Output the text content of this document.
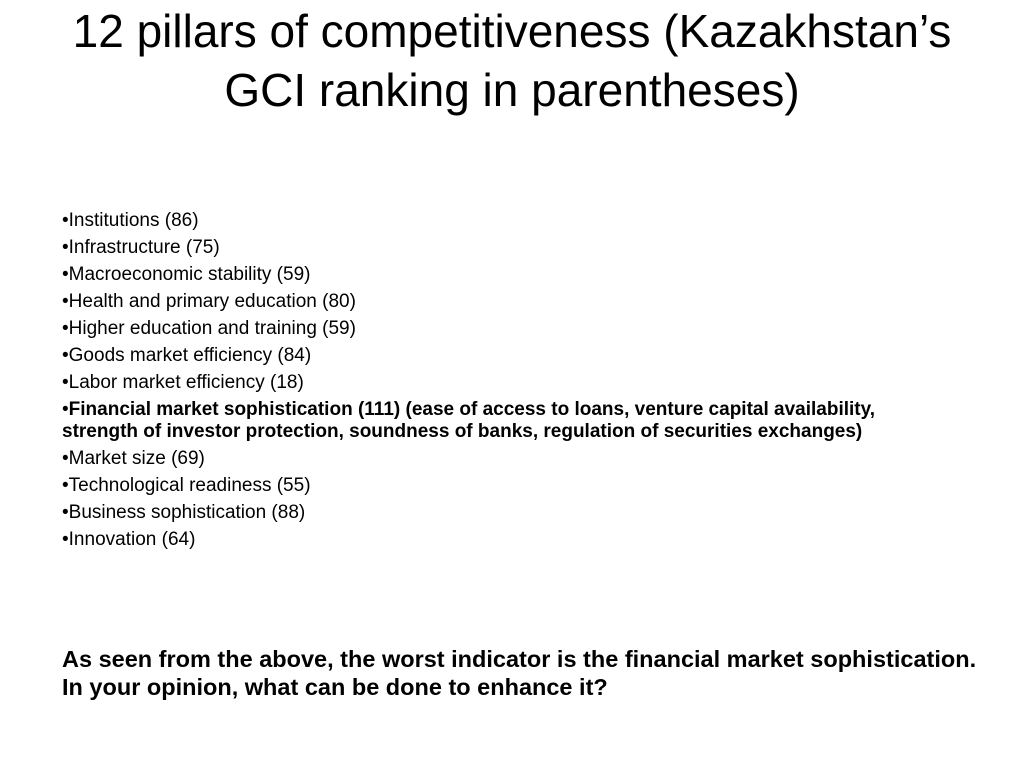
12 pillars of competitiveness (Kazakhstan’s GCI ranking in parentheses)
•Institutions (86)
•Infrastructure (75)
•Macroeconomic stability (59)
•Health and primary education (80)
•Higher education and training (59)
•Goods market efficiency (84)
•Labor market efficiency (18)
•Financial market sophistication (111) (ease of access to loans, venture capital availability, strength of investor protection, soundness of banks, regulation of securities exchanges)
•Market size (69)
•Technological readiness (55)
•Business sophistication (88)
•Innovation (64)

As seen from the above, the worst indicator is the financial market sophistication. In your opinion, what can be done to enhance it?
